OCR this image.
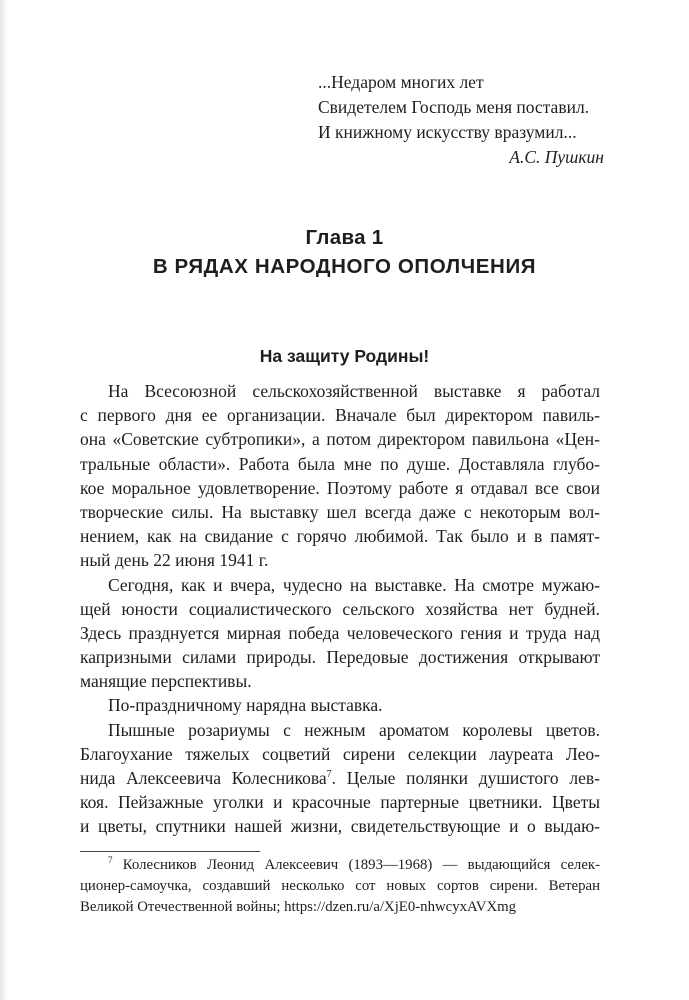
...Недаром многих лет
Свидетелем Господь меня поставил.
И книжному искусству вразумил...
А.С. Пушкин
Глава 1
В РЯДАХ НАРОДНОГО ОПОЛЧЕНИЯ
На защиту Родины!
На Всесоюзной сельскохозяйственной выставке я работал
с первого дня ее организации. Вначале был директором павиль-
она «Советские субтропики», а потом директором павильона «Цен-
тральные области». Работа была мне по душе. Доставляла глубо-
кое моральное удовлетворение. Поэтому работе я отдавал все свои
творческие силы. На выставку шел всегда даже с некоторым вол-
нением, как на свидание с горячо любимой. Так было и в памят-
ный день 22 июня 1941 г.
Сегодня, как и вчера, чудесно на выставке. На смотре мужаю-
щей юности социалистического сельского хозяйства нет будней.
Здесь празднуется мирная победа человеческого гения и труда над
капризными силами природы. Передовые достижения открывают
манящие перспективы.
По-праздничному нарядна выставка.
Пышные розариумы с нежным ароматом королевы цветов.
Благоухание тяжелых соцветий сирени селекции лауреата Лео-
нида Алексеевича Колесникова$^7$. Целые полянки душистого лев-
коя. Пейзажные уголки и красочные партерные цветники. Цветы
и цветы, спутники нашей жизни, свидетельствующие и о выдаю-
$^7$ Колесников Леонид Алексеевич (1893—1968) — выдающийся селек-
ционер-самоучка, создавший несколько сот новых сортов сирени. Ветеран
Великой Отечественной войны; https://dzen.ru/a/XjE0-nhwcyxAVXmg
